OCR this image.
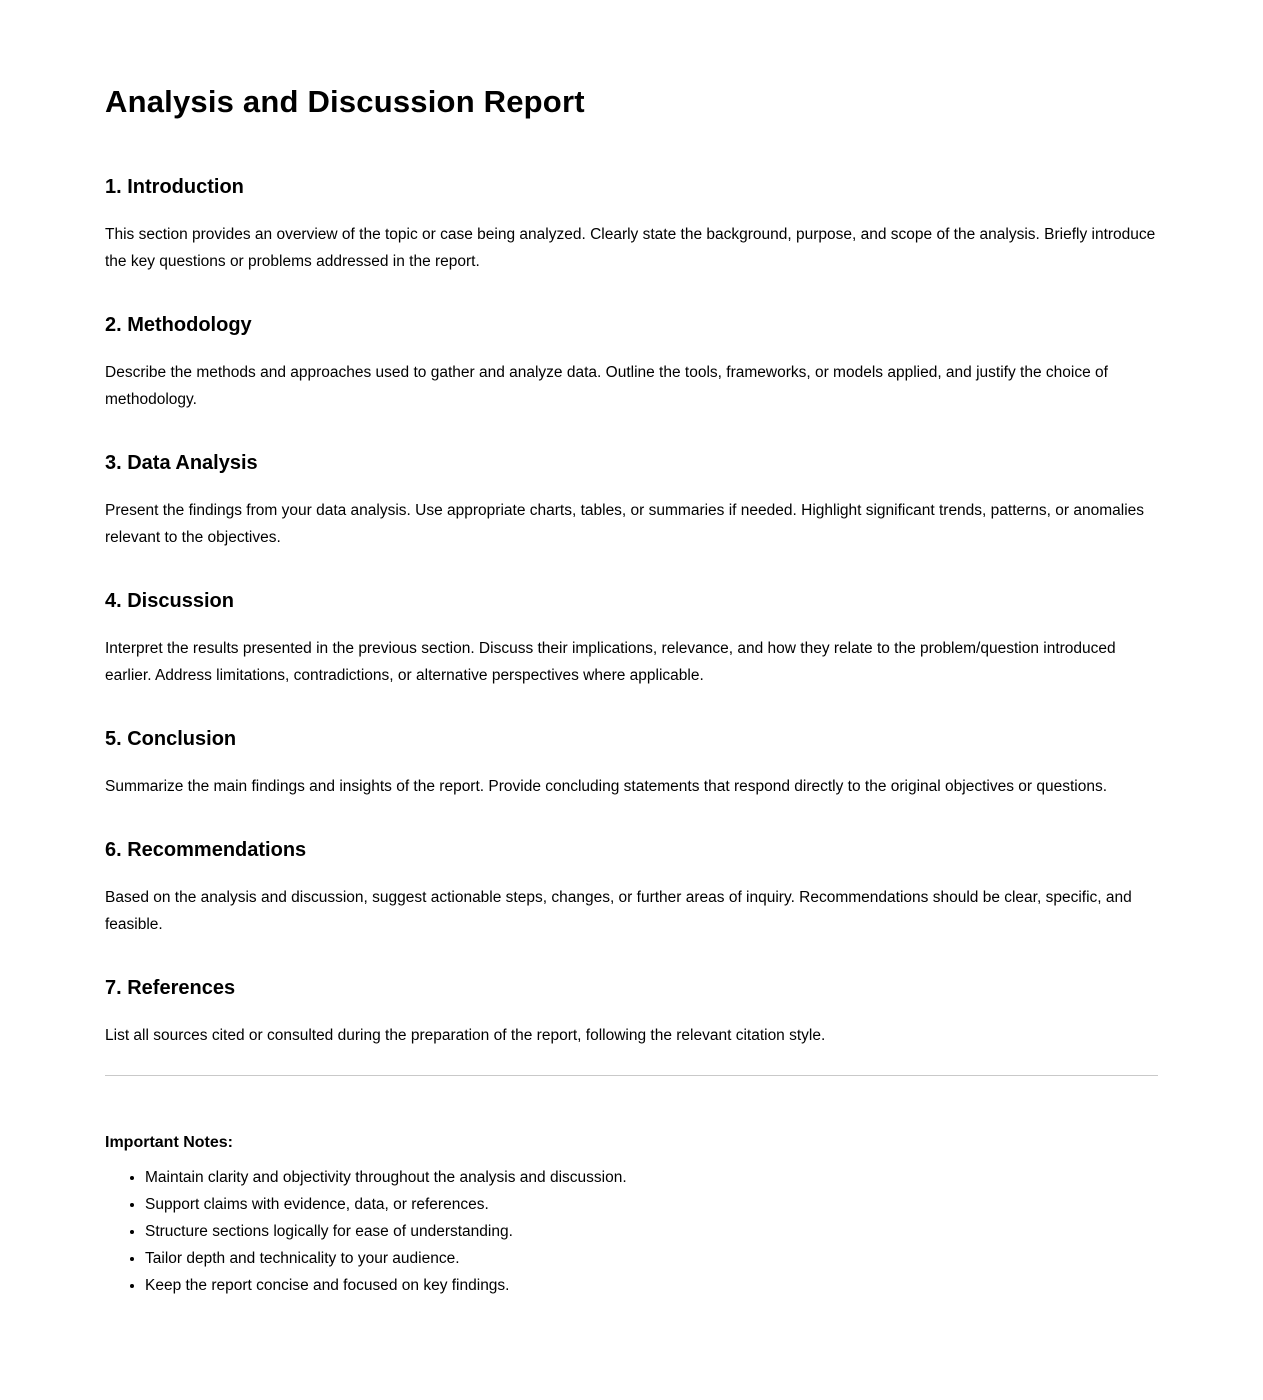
Analysis and Discussion Report
1. Introduction

This section provides an overview of the topic or case being analyzed. Clearly state the background, purpose, and scope of the analysis. Briefly introduce the key questions or problems addressed in the report.

2. Methodology

Describe the methods and approaches used to gather and analyze data. Outline the tools, frameworks, or models applied, and justify the choice of methodology.

3. Data Analysis

Present the findings from your data analysis. Use appropriate charts, tables, or summaries if needed. Highlight significant trends, patterns, or anomalies relevant to the objectives.

4. Discussion

Interpret the results presented in the previous section. Discuss their implications, relevance, and how they relate to the problem/question introduced earlier. Address limitations, contradictions, or alternative perspectives where applicable.

5. Conclusion

Summarize the main findings and insights of the report. Provide concluding statements that respond directly to the original objectives or questions.

6. Recommendations

Based on the analysis and discussion, suggest actionable steps, changes, or further areas of inquiry. Recommendations should be clear, specific, and feasible.

7. References

List all sources cited or consulted during the preparation of the report, following the relevant citation style.

Important Notes:

• Maintain clarity and objectivity throughout the analysis and discussion.
• Support claims with evidence, data, or references.
• Structure sections logically for ease of understanding.
• Tailor depth and technicality to your audience.
• Keep the report concise and focused on key findings.
